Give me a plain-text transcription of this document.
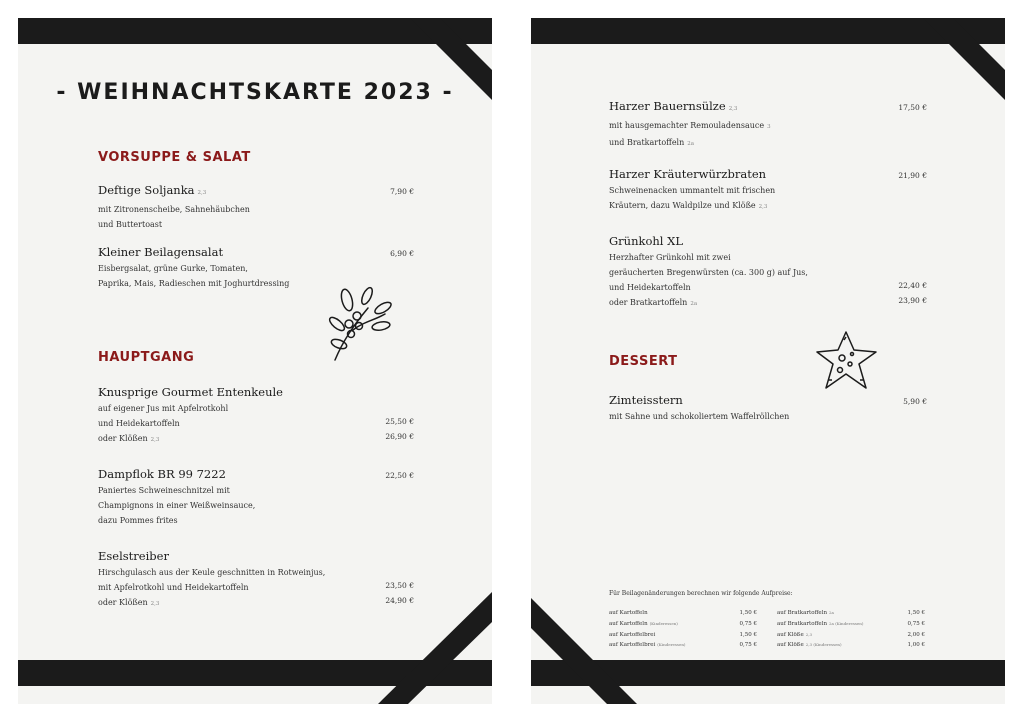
- WEIHNACHTSKARTE 2023 -
VORSUPPE & SALAT
Deftige Soljanka 2,3
mit Zitronenscheibe, Sahnehäubchen
und Buttertoast
7,90 €
Kleiner Beilagensalat
Eisbergsalat, grüne Gurke, Tomaten,
Paprika, Mais, Radieschen mit Joghurtdressing
6,90 €
HAUPTGANG
Knusprige Gourmet Entenkeule
auf eigener Jus mit Apfelrotkohl
und Heidekartoffeln
oder Klößen 2,3
25,50 €
26,90 €
Dampflok BR 99 7222
Paniertes Schweineschnitzel mit
Champignons in einer Weißweinsauce,
dazu Pommes frites
22,50 €
Eselstreiber
Hirschgulasch aus der Keule geschnitten in Rotweinjus,
mit Apfelrotkohl und Heidekartoffeln
oder Klößen 2,3
23,50 €
24,90 €
Harzer Bauernsülze 2,3
mit hausgemachter Remouladensauce 3
und Bratkartoffeln 2a
17,50 €
Harzer Kräuterwürzbraten
Schweinenacken ummantelt mit frischen
Kräutern, dazu Waldpilze und Klöße 2,3
21,90 €
Grünkohl XL
Herzhafter Grünkohl mit zwei
geräucherten Bregenwürsten (ca. 300 g) auf Jus,
und Heidekartoffeln
oder Bratkartoffeln 2a
22,40 €
23,90 €
DESSERT
Zimteisstern
mit Sahne und schokoliertem Waffelröllchen
5,90 €
Für Beilagenänderungen berechnen wir folgende Aufpreise:
auf Kartoffeln	1,50 €
auf Kartoffeln (Kinderessen)	0,75 €
auf Kartoffelbrei	1,50 €
auf Kartoffelbrei (Kinderessen)	0,75 €
auf Bratkartoffeln 2a	1,50 €
auf Bratkartoffeln 2a (Kinderessen)	0,75 €
auf Klöße 2,3	2,00 €
auf Klöße 2,3 (Kinderessen)	1,00 €
